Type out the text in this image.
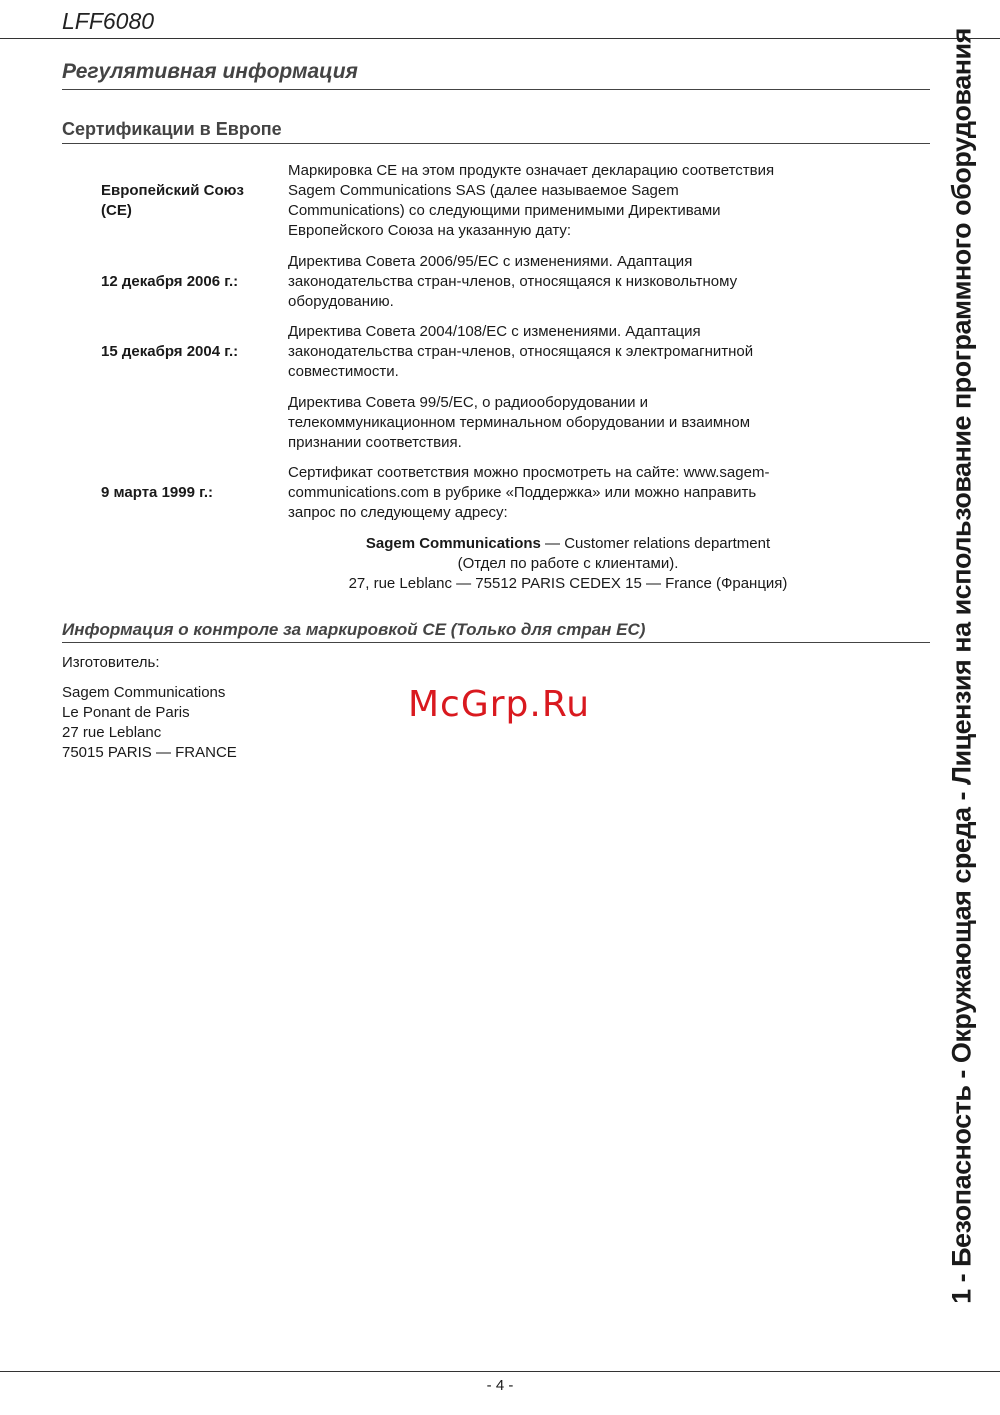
LFF6080
Регулятивная информация
Сертификации в Европе
Европейский Союз
(CE)
Маркировка CE на этом продукте означает декларацию соответствия
Sagem Communications SAS (далее называемое Sagem
Communications) со следующими применимыми Директивами
Европейского Союза на указанную дату:
12 декабря 2006 г.:
Директива Совета 2006/95/EC с изменениями. Адаптация
законодательства стран-членов, относящаяся к низковольтному
оборудованию.
15 декабря 2004 г.:
Директива Совета 2004/108/EC с изменениями. Адаптация
законодательства стран-членов, относящаяся к электромагнитной
совместимости.
Директива Совета 99/5/EC, о радиооборудовании и
телекоммуникационном терминальном оборудовании и взаимном
признании соответствия.
9 марта 1999 г.:
Сертификат соответствия можно просмотреть на сайте: www.sagem-
communications.com в рубрике «Поддержка» или можно направить
запрос по следующему адресу:
Sagem Communications — Customer relations department
(Отдел по работе с клиентами).
27, rue Leblanc — 75512 PARIS CEDEX 15 — France (Франция)
Информация о контроле за маркировкой CE (Только для стран ЕС)
Изготовитель:
Sagem Communications
Le Ponant de Paris
27 rue Leblanc
75015 PARIS — FRANCE
McGrp.Ru	1 - Безопасность - Окружающая среда - Лицензия на использование программного оборудования
- 4 -
